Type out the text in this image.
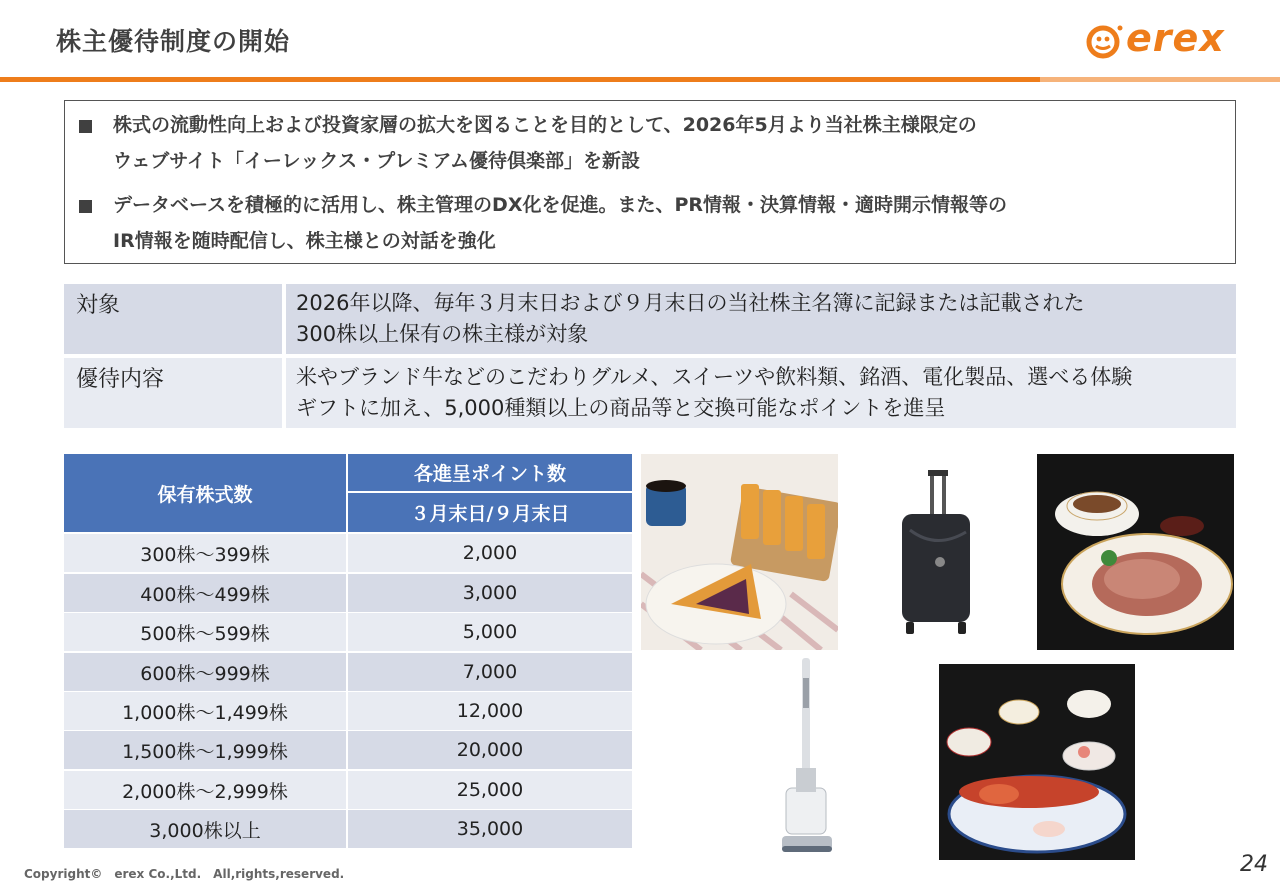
株主優待制度の開始	erex
株式の流動性向上および投資家層の拡大を図ることを目的として、2026年5月より当社株主様限定の
ウェブサイト「イーレックス・プレミアム優待倶楽部」を新設
データベースを積極的に活用し、株主管理のDX化を促進。また、PR情報・決算情報・適時開示情報等の
IR情報を随時配信し、株主様との対話を強化
対象	2026年以降、毎年３月末日および９月末日の当社株主名簿に記録または記載された
300株以上保有の株主様が対象
優待内容	米やブランド牛などのこだわりグルメ、スイーツや飲料類、銘酒、電化製品、選べる体験
ギフトに加え、5,000種類以上の商品等と交換可能なポイントを進呈
保有株式数
各進呈ポイント数
３月末日/９月末日
300株～399株	2,000
400株～499株	3,000
500株～599株	5,000
600株～999株	7,000
1,000株～1,499株	12,000
1,500株～1,999株	20,000
2,000株～2,999株	25,000
3,000株以上	35,000
Copyright©　erex Co.,Ltd.　All,rights,reserved.	24
